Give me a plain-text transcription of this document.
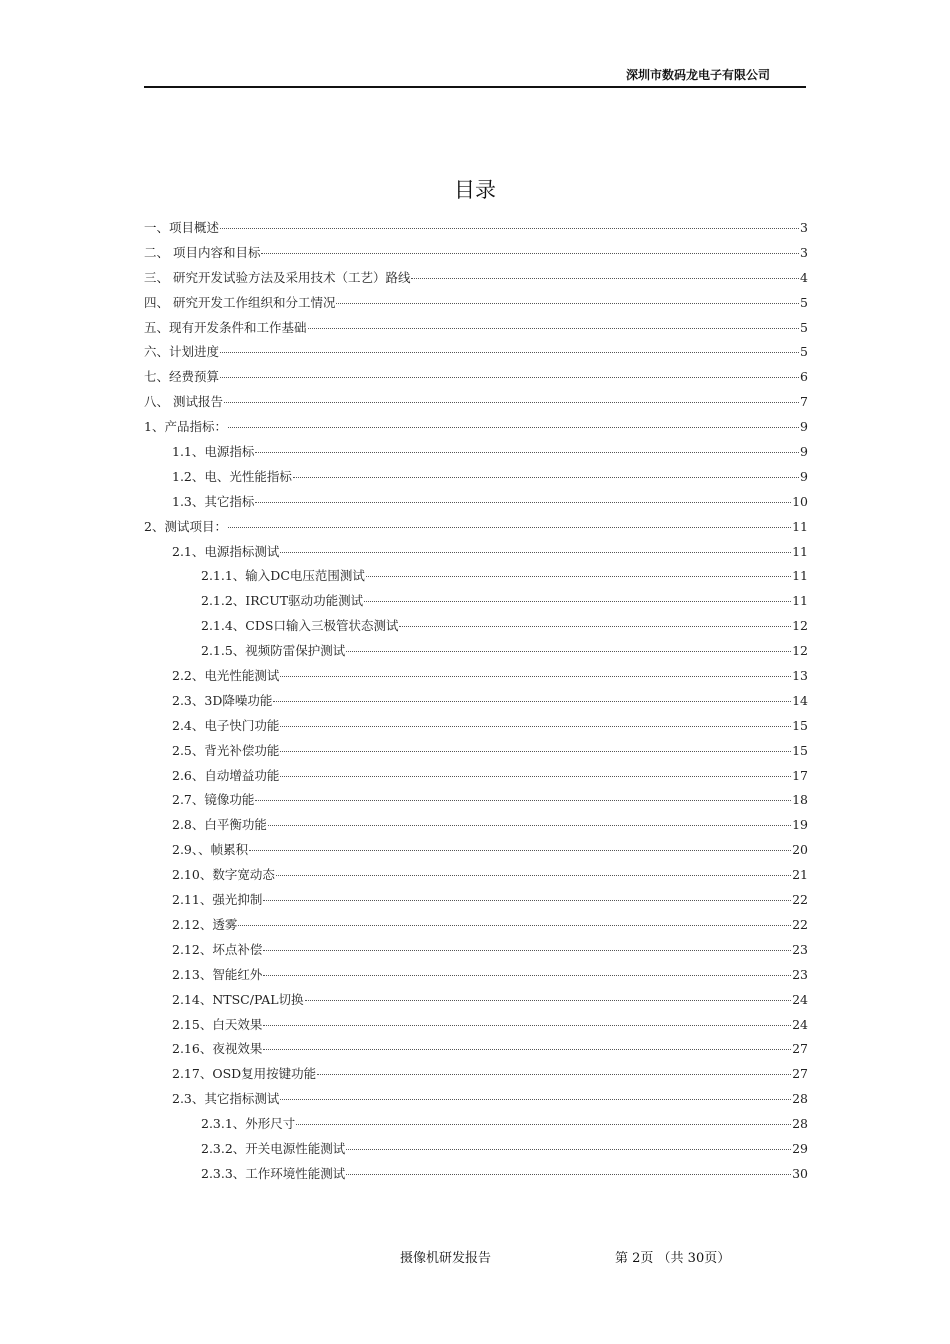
深圳市数码龙电子有限公司
目录
一、项目概述	3
二、 项目内容和目标	3
三、 研究开发试验方法及采用技术（工艺）路线	4
四、 研究开发工作组织和分工情况	5
五、现有开发条件和工作基础	5
六、计划进度	5
七、经费预算	6
八、 测试报告	7
1、产品指标：	9
1.1、电源指标	9
1.2、电、光性能指标	9
1.3、其它指标	10
2、测试项目：	11
2.1、电源指标测试	11
2.1.1、输入DC电压范围测试	11
2.1.2、IRCUT驱动功能测试	11
2.1.4、CDS口输入三极管状态测试	12
2.1.5、视频防雷保护测试	12
2.2、电光性能测试	13
2.3、3D降噪功能	14
2.4、电子快门功能	15
2.5、背光补偿功能	15
2.6、自动增益功能	17
2.7、镜像功能	18
2.8、白平衡功能	19
2.9、、帧累积	20
2.10、数字宽动态	21
2.11、强光抑制	22
2.12、透雾	22
2.12、坏点补偿	23
2.13、智能红外	23
2.14、NTSC/PAL切换	24
2.15、白天效果	24
2.16、夜视效果	27
2.17、OSD复用按键功能	27
2.3、其它指标测试	28
2.3.1、外形尺寸	28
2.3.2、开关电源性能测试	29
2.3.3、工作环境性能测试	30
摄像机研发报告	第 2页 （共 30页）
